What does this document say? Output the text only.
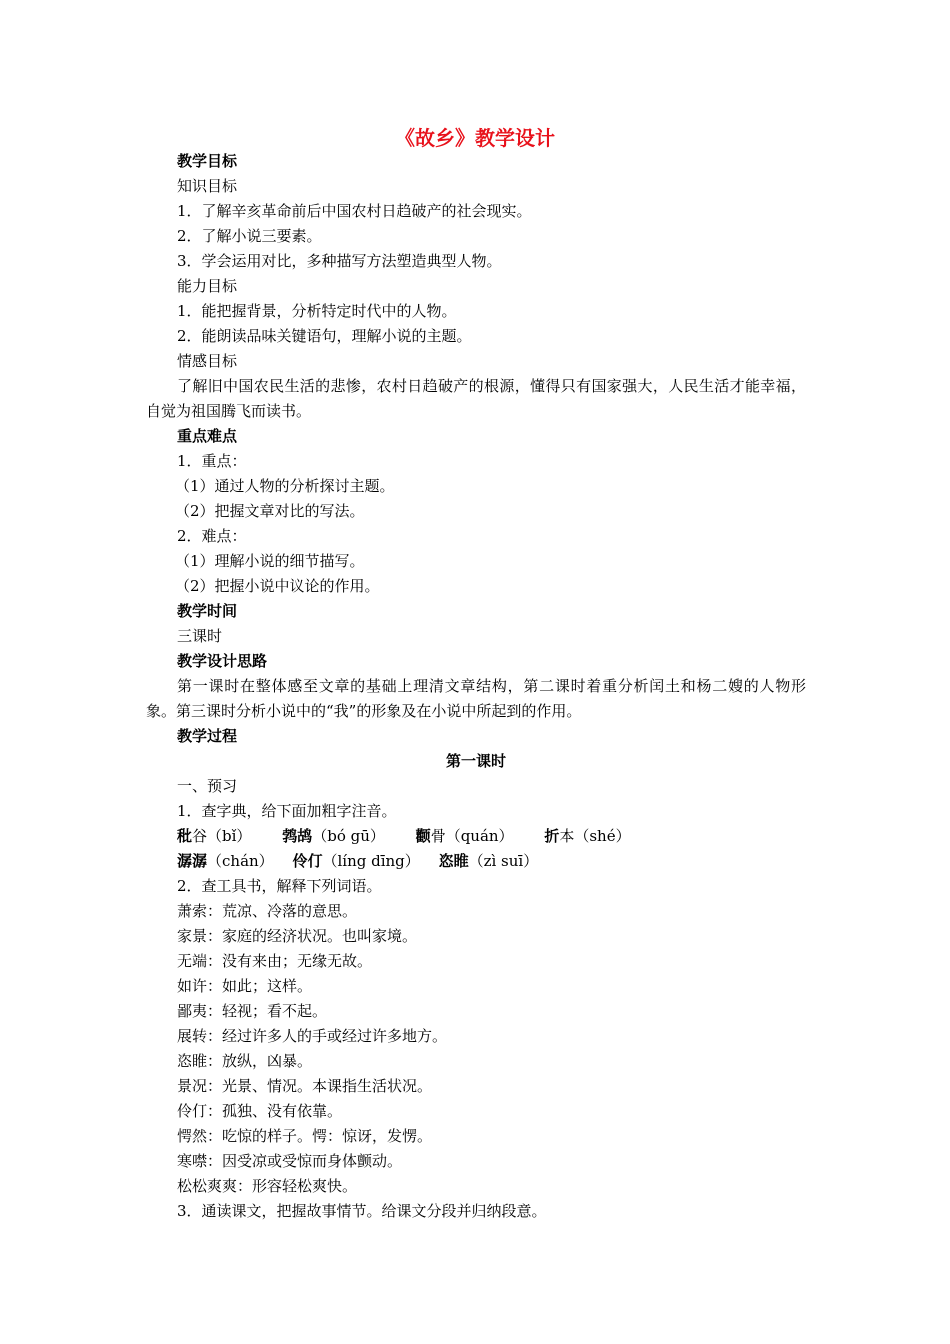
《故乡》教学设计
教学目标
知识目标
1．了解辛亥革命前后中国农村日趋破产的社会现实。
2．了解小说三要素。
3．学会运用对比，多种描写方法塑造典型人物。
能力目标
1．能把握背景，分析特定时代中的人物。
2．能朗读品味关键语句，理解小说的主题。
情感目标
了解旧中国农民生活的悲惨，农村日趋破产的根源，懂得只有国家强大，人民生活才能幸福，自觉为祖国腾飞而读书。
重点难点
1．重点：
（1）通过人物的分析探讨主题。
（2）把握文章对比的写法。
2．难点：
（1）理解小说的细节描写。
（2）把握小说中议论的作用。
教学时间
三课时
教学设计思路
第一课时在整体感至文章的基础上理清文章结构，第二课时着重分析闰土和杨二嫂的人物形象。第三课时分析小说中的“我”的形象及在小说中所起到的作用。
教学过程
第一课时
一、预习
1．查字典，给下面加粗字注音。
秕谷（bǐ） 鹁鸪（bó gū） 颧骨（quán） 折本（shé）
潺潺（chán） 伶仃（líng dīng） 恣睢（zì suī）
2．查工具书，解释下列词语。
萧索：荒凉、冷落的意思。
家景：家庭的经济状况。也叫家境。
无端：没有来由；无缘无故。
如许：如此；这样。
鄙夷：轻视；看不起。
展转：经过许多人的手或经过许多地方。
恣睢：放纵，凶暴。
景况：光景、情况。本课指生活状况。
伶仃：孤独、没有依靠。
愕然：吃惊的样子。愕：惊讶，发愣。
寒噤：因受凉或受惊而身体颤动。
松松爽爽：形容轻松爽快。
3．通读课文，把握故事情节。给课文分段并归纳段意。
